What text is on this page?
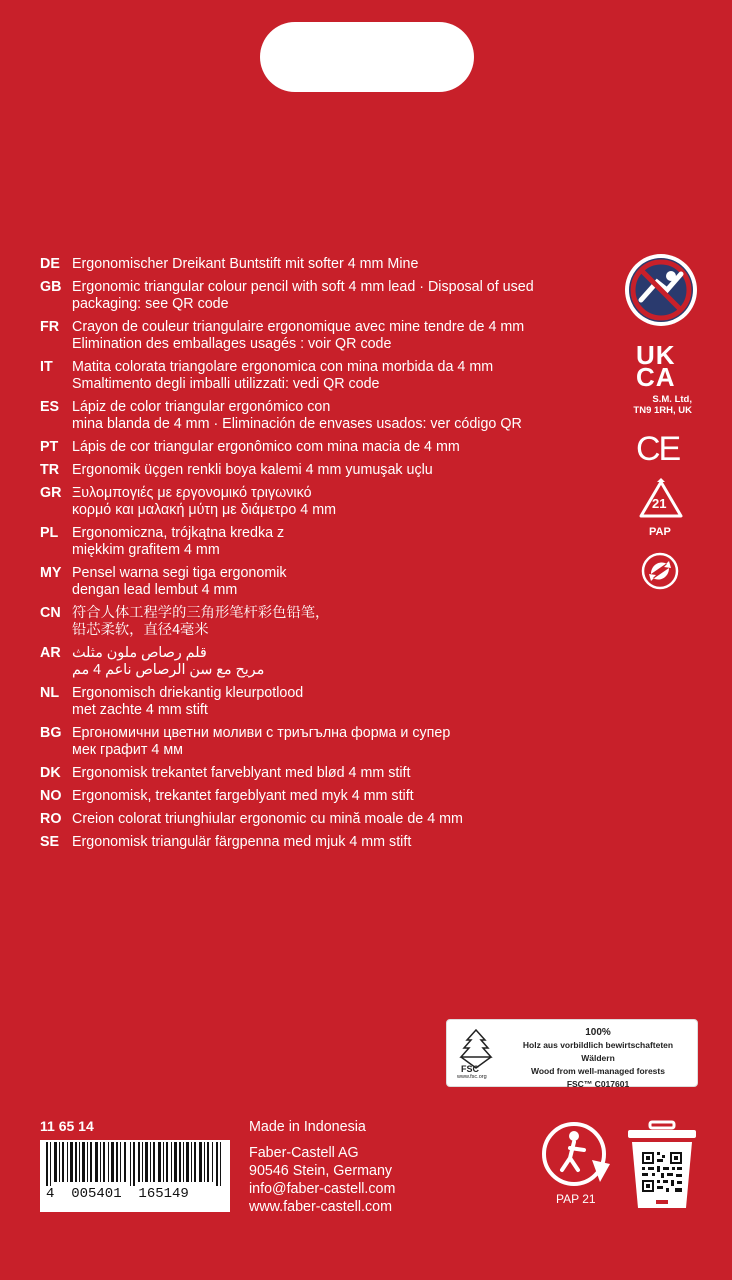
DE Ergonomischer Dreikant Buntstift mit softer 4 mm Mine
GB Ergonomic triangular colour pencil with soft 4 mm lead · Disposal of used
packaging: see QR code
FR Crayon de couleur triangulaire ergonomique avec mine tendre de 4 mm
Elimination des emballages usagés : voir QR code
IT	Matita colorata triangolare ergonomica con mina morbida da 4 mm
Smaltimento degli imballi utilizzati: vedi QR code
ES Lápiz de color triangular ergonómico con
mina blanda de 4 mm · Eliminación de envases usados: ver código QR
PT Lápis de cor triangular ergonômico com mina macia de 4 mm
TR Ergonomik üçgen renkli boya kalemi 4 mm yumuşak uçlu
GR Ξυλομπογιές με εργονομικό τριγωνικό
κορμό και μαλακή μύτη με διάμετρο 4 mm
PL Ergonomiczna, trójkątna kredka z
miękkim grafitem 4 mm
MY Pensel warna segi tiga ergonomik
dengan lead lembut 4 mm
CN 符合人体工程学的三角形笔杆彩色铅笔，
铅芯柔软，直径4毫米
AR قلم رصاص ملون مثلث
مريح مع سن الرصاص ناعم 4 مم
NL Ergonomisch driekantig kleurpotlood
met zachte 4 mm stift
BG Ергономични цветни моливи с триъгълна форма и супер
мек графит 4 мм
DK Ergonomisk trekantet farveblyant med blød 4 mm stift
NO Ergonomisk, trekantet fargeblyant med myk 4 mm stift
RO Creion colorat triunghiular ergonomic cu mină moale de 4 mm
SE Ergonomisk triangulär färgpenna med mjuk 4 mm stift
UK
CA
S.M. Ltd,
TN9 1RH, UK
CE
21
PAP
FSC
www.fsc.org
100%
Holz aus vorbildlich bewirtschafteten Wäldern
Wood from well-managed forests
FSC™ C017601
11 65 14
4  005401  165149
Made in Indonesia
Faber-Castell AG
90546 Stein, Germany
info@faber-castell.com
www.faber-castell.com	PAP 21
